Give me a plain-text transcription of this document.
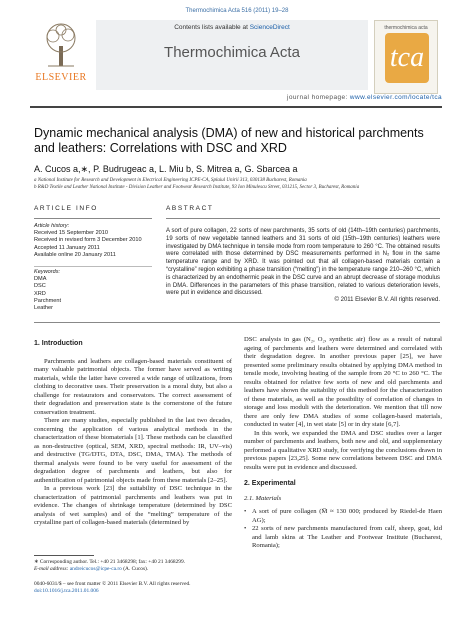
Thermochimica Acta 516 (2011) 19–28
ELSEVIER
Contents lists available at ScienceDirect
Thermochimica Acta
thermochimica acta
tca
journal homepage: www.elsevier.com/locate/tca
Dynamic mechanical analysis (DMA) of new and historical parchments and leathers: Correlations with DSC and XRD
A. Cucos a,∗, P. Budrugeac a, L. Miu b, S. Mitrea a, G. Sbarcea a
a National Institute for Research and Development in Electrical Engineering ICPE-CA, Splaiul Unirii 313, 030138 Bucharest, Romania
b R&D Textile and Leather National Institute - Division Leather and Footwear Research Institute, 93 Ion Minulescu Street, 031215, Sector 3, Bucharest, Romania
ARTICLE INFO	ABSTRACT
Article history:
Received 15 September 2010
Received in revised form 3 December 2010
Accepted 11 January 2011
Available online 20 January 2011
Keywords:
DMA
DSC
XRD
Parchment
Leather
A sort of pure collagen, 22 sorts of new parchments, 35 sorts of old (14th–19th centuries) parchments, 19 sorts of new vegetable tanned leathers and 31 sorts of old (15th–19th centuries) leathers were investigated by DMA technique in tensile mode from room temperature to 260 °C. The obtained results were correlated with those determined by DSC measurements performed in N₂ flow in the same temperature range and by XRD. It was pointed out that all collagen-based materials contain a “crystalline” region exhibiting a phase transition (“melting”) in the temperature range 210–260 °C, which is characterized by an endothermic peak in the DSC curve and an abrupt decrease of storage modulus in DMA. Differences in the parameters of this phase transition, related to various deterioration levels, were put in evidence and discussed.
© 2011 Elsevier B.V. All rights reserved.
1. Introduction

Parchments and leathers are collagen-based materials constituent of many valuable patrimonial objects. The former have served as writing materials, while the latter have covered a wide range of utilizations, from clothing to decorative uses. Their preservation is a moral duty, but also a challenge for restaurators and conservators. The correct assessment of their degradation and preservation state is the cornerstone of the future conservation treatment.

There are many studies, especially published in the last two decades, concerning the application of various analytical methods in the characterization of these biomaterials [1]. These methods can be classified as non-destructive (optical, SEM, XRD, spectral methods: IR, UV–vis) and destructive (TG/DTG, DTA, DSC, DMA, TMA). The methods of thermal analysis were found to be very useful for assessment of the degradation degree of parchments and leathers, but also for authentification of patrimonial objects made from these materials [2–25].

In a previous work [23] the suitability of DSC technique in the characterization of patrimonial parchments and leathers was put in evidence. The changes of shrinkage temperature (determined by DSC analysis of wet samples) and of the “melting” temperature of the crystalline part of collagen-based materials (determined by

DSC analysis in gas (N₂, O₂, synthetic air) flow as a result of natural ageing of parchments and leathers were determined and correlated with their degradation degree. In another previous paper [25], we have presented some preliminary results obtained by applying DMA method in tensile mode, involving heating of the sample from 20 °C to 260 °C. The results obtained for relative few sorts of new and old parchments and leathers have shown the suitability of this method for the characterization of these materials, as well as the possibility of correlation of changes in storage and loss moduli with the deterioration. We mention that till now there are only few DMA studies of some collagen-based materials, conducted in water [4], in wet state [5] or in dry state [6,7].

In this work, we expanded the DMA and DSC studies over a larger number of parchments and leathers, both new and old, and supplementary performed a qualitative XRD study, for verifying the conclusions drawn in previous papers [23,25]. Some new correlations between DSC and DMA results were put in evidence and discussed.

2. Experimental
2.1. Materials
• A sort of pure collagen (M̅ ≈ 130 000; produced by Riedel-de Haen AG);
• 22 sorts of new parchments manufactured from calf, sheep, goat, kid and lamb skins at The Leather and Footwear Institute (Bucharest, Romania);
∗ Corresponding author. Tel.: +40 21 3468298; fax: +40 21 3468299.
E-mail address: andreicucos@icpe-ca.ro (A. Cucos).
0040-6031/$ – see front matter © 2011 Elsevier B.V. All rights reserved.
doi:10.1016/j.tca.2011.01.006
